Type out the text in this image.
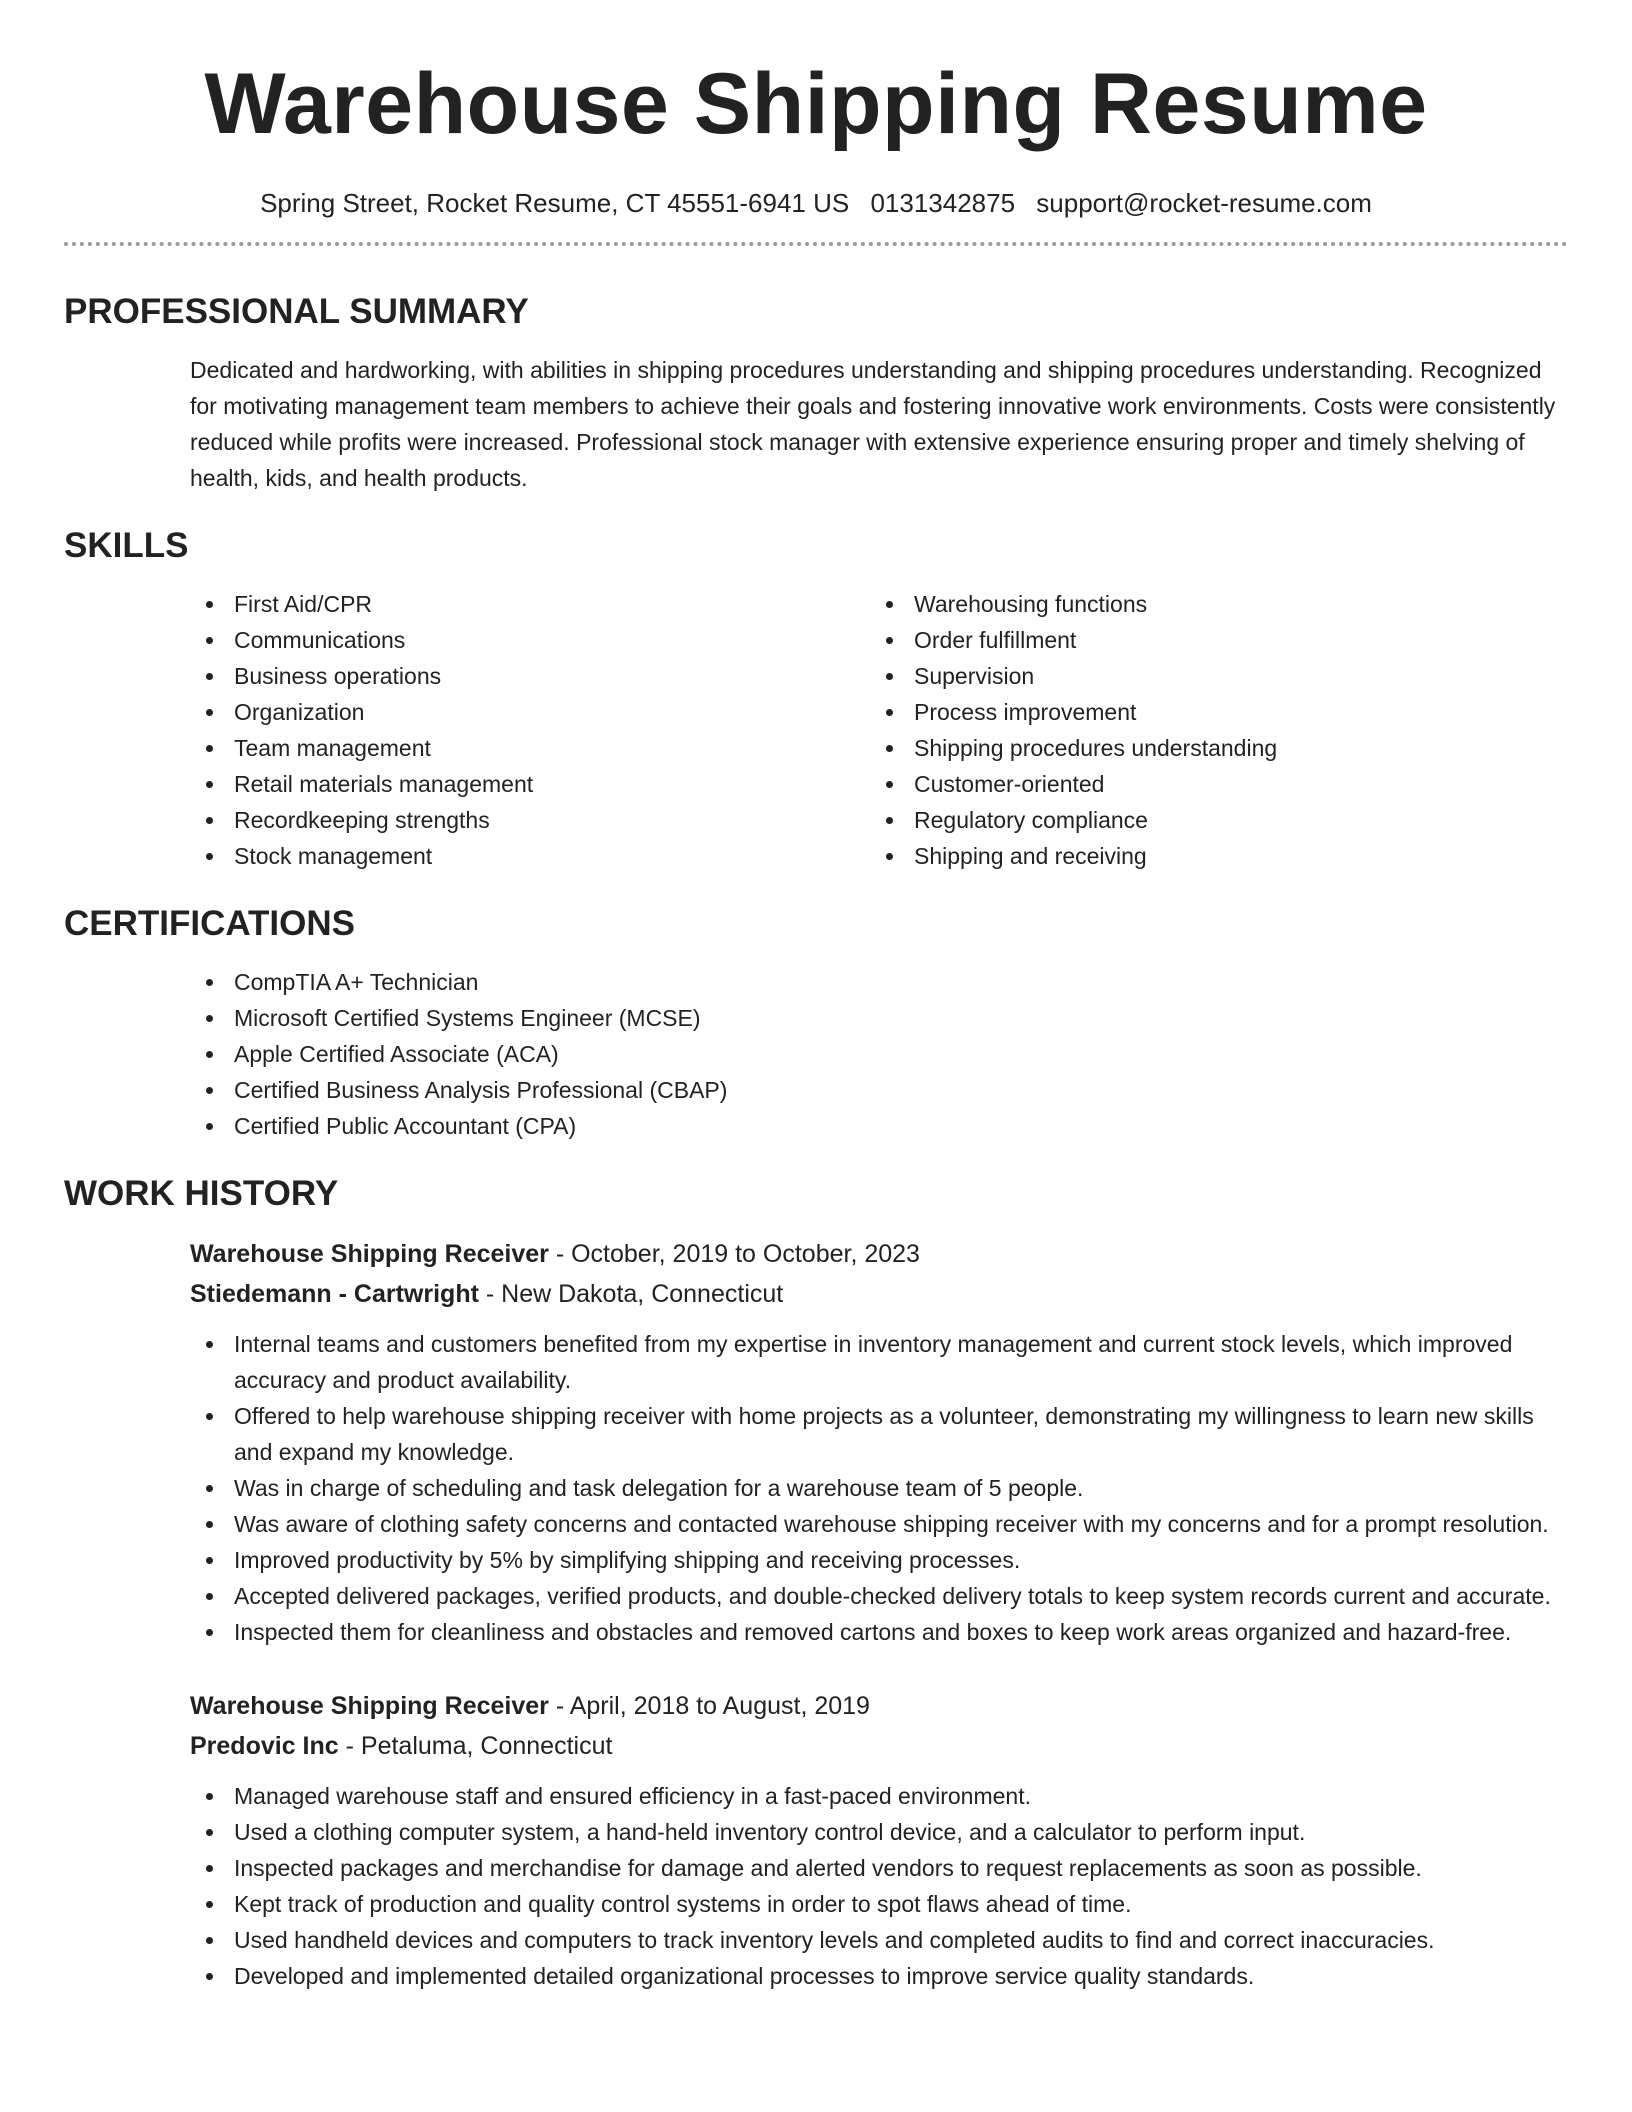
Warehouse Shipping Resume
Spring Street, Rocket Resume, CT 45551-6941 US 0131342875 support@rocket-resume.com
PROFESSIONAL SUMMARY
Dedicated and hardworking, with abilities in shipping procedures understanding and shipping procedures understanding. Recognized for motivating management team members to achieve their goals and fostering innovative work environments. Costs were consistently reduced while profits were increased. Professional stock manager with extensive experience ensuring proper and timely shelving of health, kids, and health products.
SKILLS
First Aid/CPR
Communications
Business operations
Organization
Team management
Retail materials management
Recordkeeping strengths
Stock management
Warehousing functions
Order fulfillment
Supervision
Process improvement
Shipping procedures understanding
Customer-oriented
Regulatory compliance
Shipping and receiving
CERTIFICATIONS
CompTIA A+ Technician
Microsoft Certified Systems Engineer (MCSE)
Apple Certified Associate (ACA)
Certified Business Analysis Professional (CBAP)
Certified Public Accountant (CPA)
WORK HISTORY
Warehouse Shipping Receiver - October, 2019 to October, 2023
Stiedemann - Cartwright - New Dakota, Connecticut
Internal teams and customers benefited from my expertise in inventory management and current stock levels, which improved accuracy and product availability.
Offered to help warehouse shipping receiver with home projects as a volunteer, demonstrating my willingness to learn new skills and expand my knowledge.
Was in charge of scheduling and task delegation for a warehouse team of 5 people.
Was aware of clothing safety concerns and contacted warehouse shipping receiver with my concerns and for a prompt resolution.
Improved productivity by 5% by simplifying shipping and receiving processes.
Accepted delivered packages, verified products, and double-checked delivery totals to keep system records current and accurate.
Inspected them for cleanliness and obstacles and removed cartons and boxes to keep work areas organized and hazard-free.
Warehouse Shipping Receiver - April, 2018 to August, 2019
Predovic Inc - Petaluma, Connecticut
Managed warehouse staff and ensured efficiency in a fast-paced environment.
Used a clothing computer system, a hand-held inventory control device, and a calculator to perform input.
Inspected packages and merchandise for damage and alerted vendors to request replacements as soon as possible.
Kept track of production and quality control systems in order to spot flaws ahead of time.
Used handheld devices and computers to track inventory levels and completed audits to find and correct inaccuracies.
Developed and implemented detailed organizational processes to improve service quality standards.
